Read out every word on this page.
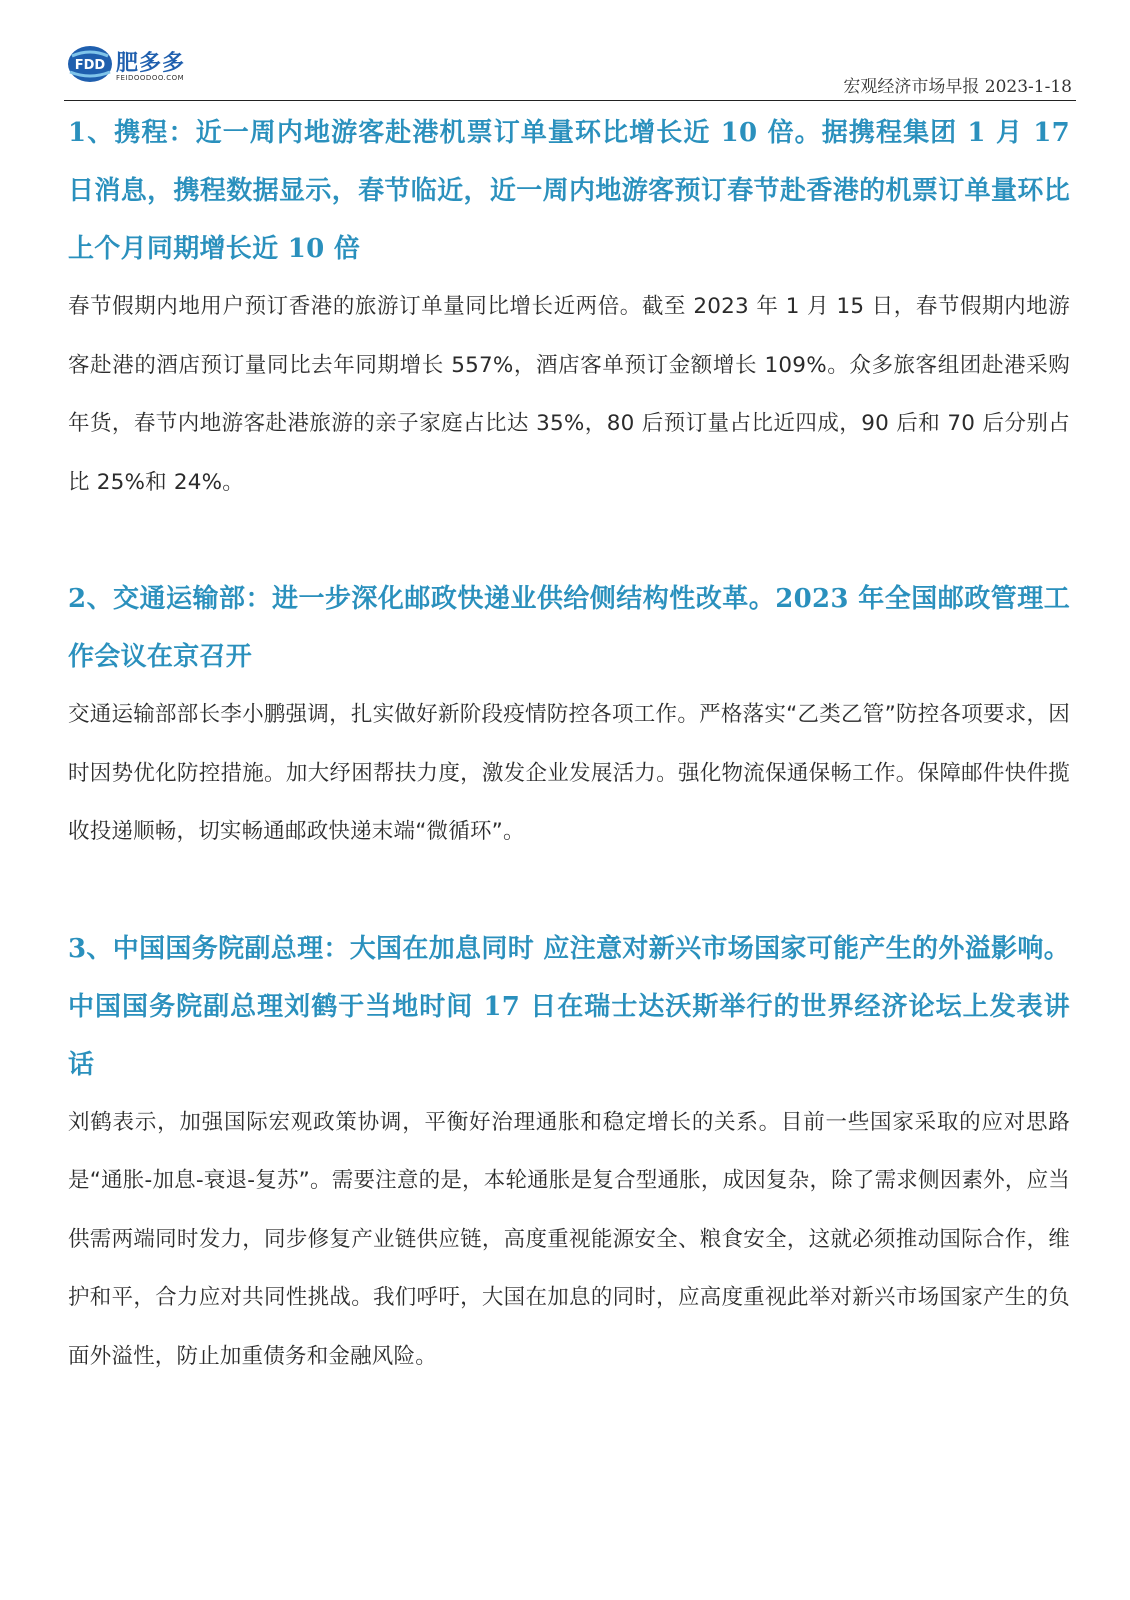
FDD 肥多多
FEIDOODOO.COM	宏观经济市场早报 2023-1-18
1、携程：近一周内地游客赴港机票订单量环比增长近 10 倍。据携程集团 1 月 17 日消息，携程数据显示，春节临近，近一周内地游客预订春节赴香港的机票订单量环比上个月同期增长近 10 倍

春节假期内地用户预订香港的旅游订单量同比增长近两倍。截至 2023 年 1 月 15 日，春节假期内地游客赴港的酒店预订量同比去年同期增长 557%，酒店客单预订金额增长 109%。众多旅客组团赴港采购年货，春节内地游客赴港旅游的亲子家庭占比达 35%，80 后预订量占比近四成，90 后和 70 后分别占比 25%和 24%。

2、交通运输部：进一步深化邮政快递业供给侧结构性改革。2023 年全国邮政管理工作会议在京召开

交通运输部部长李小鹏强调，扎实做好新阶段疫情防控各项工作。严格落实“乙类乙管”防控各项要求，因时因势优化防控措施。加大纾困帮扶力度，激发企业发展活力。强化物流保通保畅工作。保障邮件快件揽收投递顺畅，切实畅通邮政快递末端“微循环”。

3、中国国务院副总理：大国在加息同时 应注意对新兴市场国家可能产生的外溢影响。中国国务院副总理刘鹤于当地时间 17 日在瑞士达沃斯举行的世界经济论坛上发表讲话

刘鹤表示，加强国际宏观政策协调，平衡好治理通胀和稳定增长的关系。目前一些国家采取的应对思路是“通胀-加息-衰退-复苏”。需要注意的是，本轮通胀是复合型通胀，成因复杂，除了需求侧因素外，应当供需两端同时发力，同步修复产业链供应链，高度重视能源安全、粮食安全，这就必须推动国际合作，维护和平，合力应对共同性挑战。我们呼吁，大国在加息的同时，应高度重视此举对新兴市场国家产生的负面外溢性，防止加重债务和金融风险。
